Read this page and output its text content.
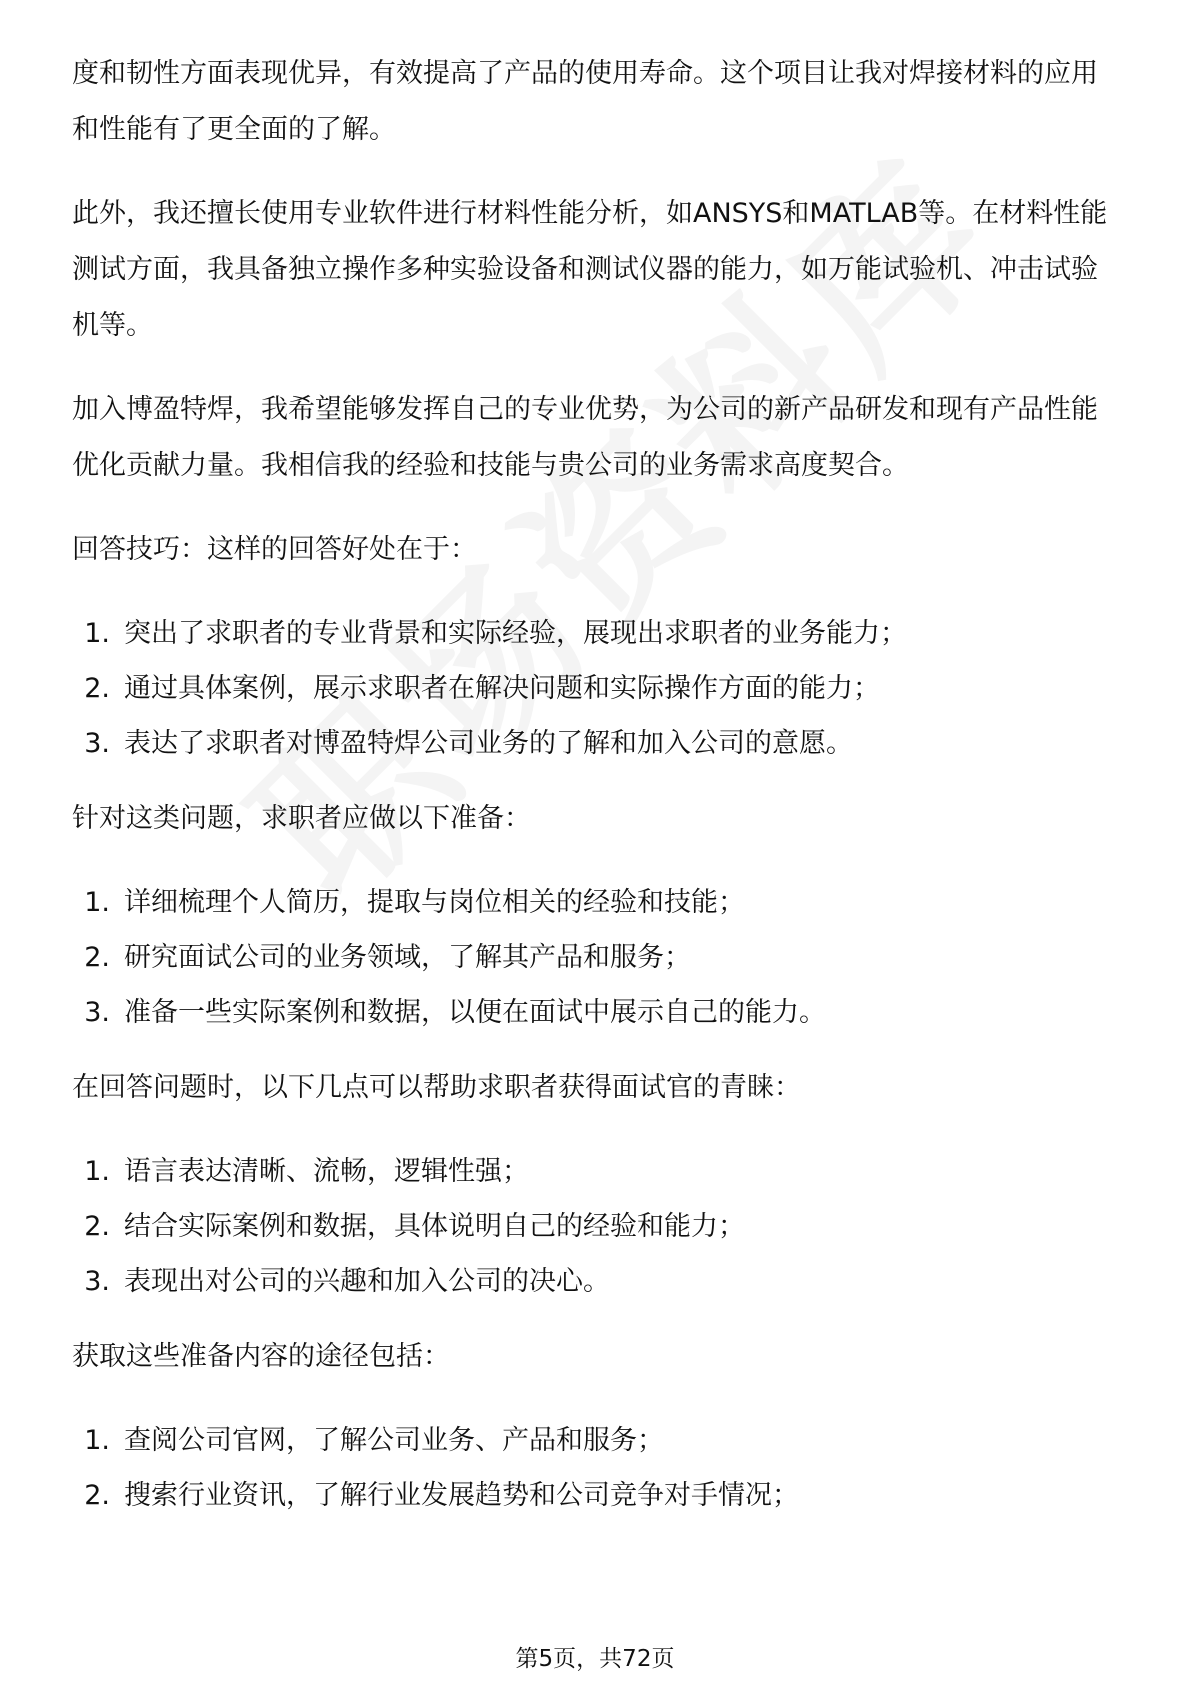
度和韧性方面表现优异，有效提高了产品的使用寿命。这个项目让我对焊接材料的应用和性能有了更全面的了解。

此外，我还擅长使用专业软件进行材料性能分析，如ANSYS和MATLAB等。在材料性能测试方面，我具备独立操作多种实验设备和测试仪器的能力，如万能试验机、冲击试验机等。

加入博盈特焊，我希望能够发挥自己的专业优势，为公司的新产品研发和现有产品性能优化贡献力量。我相信我的经验和技能与贵公司的业务需求高度契合。

回答技巧：这样的回答好处在于：

1. 突出了求职者的专业背景和实际经验，展现出求职者的业务能力；
2. 通过具体案例，展示求职者在解决问题和实际操作方面的能力；
3. 表达了求职者对博盈特焊公司业务的了解和加入公司的意愿。

针对这类问题，求职者应做以下准备：

1. 详细梳理个人简历，提取与岗位相关的经验和技能；
2. 研究面试公司的业务领域，了解其产品和服务；
3. 准备一些实际案例和数据，以便在面试中展示自己的能力。

在回答问题时，以下几点可以帮助求职者获得面试官的青睐：

1. 语言表达清晰、流畅，逻辑性强；
2. 结合实际案例和数据，具体说明自己的经验和能力；
3. 表现出对公司的兴趣和加入公司的决心。

获取这些准备内容的途径包括：

1. 查阅公司官网，了解公司业务、产品和服务；
2. 搜索行业资讯，了解行业发展趋势和公司竞争对手情况；
第5页，共72页
